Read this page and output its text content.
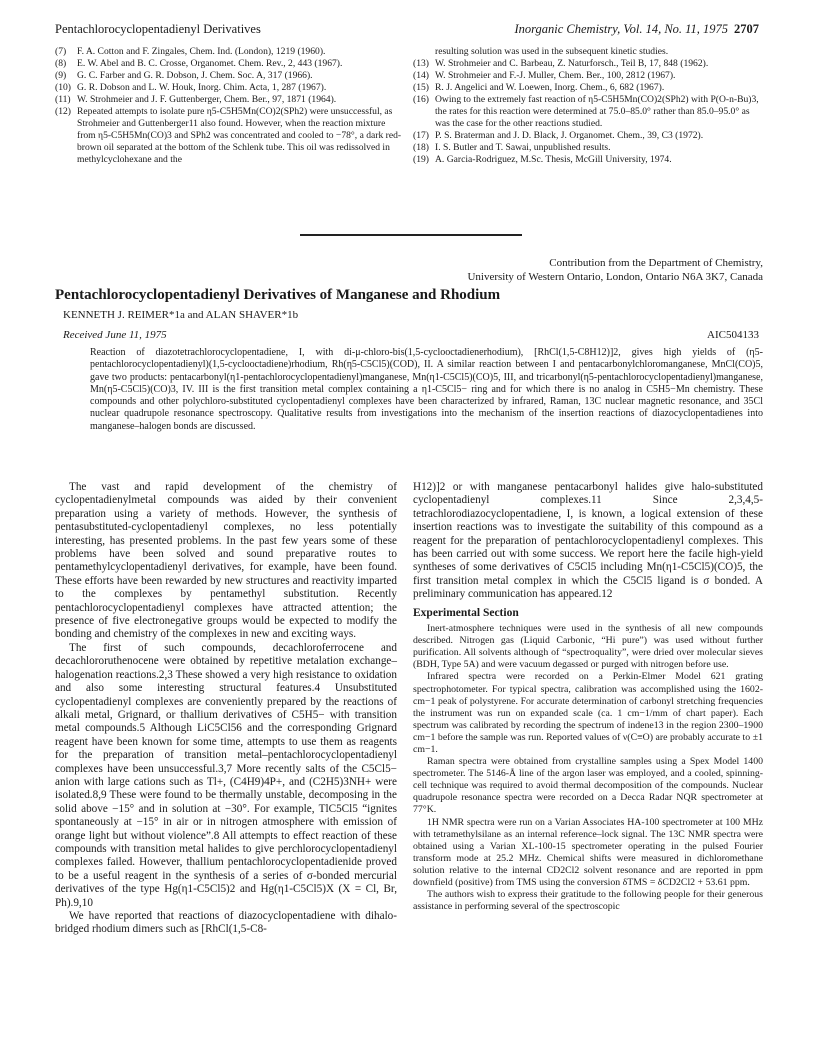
Pentachlorocyclopentadienyl Derivatives	Inorganic Chemistry, Vol. 14, No. 11, 1975 2707
(7)	F. A. Cotton and F. Zingales, Chem. Ind. (London), 1219 (1960).
(8)	E. W. Abel and B. C. Crosse, Organomet. Chem. Rev., 2, 443 (1967).
(9)	G. C. Farber and G. R. Dobson, J. Chem. Soc. A, 317 (1966).
(10) G. R. Dobson and L. W. Houk, Inorg. Chim. Acta, 1, 287 (1967).
(11) W. Strohmeier and J. F. Guttenberger, Chem. Ber., 97, 1871 (1964).
(12) Repeated attempts to isolate pure η5-C5H5Mn(CO)2(SPh2) were unsuccessful, as Strohmeier and Guttenberger11 also found. However, when the reaction mixture from η5-C5H5Mn(CO)3 and SPh2 was concentrated and cooled to −78°, a dark red-brown oil separated at the bottom of the Schlenk tube. This oil was redissolved in methylcyclohexane and the
resulting solution was used in the subsequent kinetic studies.
(13) W. Strohmeier and C. Barbeau, Z. Naturforsch., Teil B, 17, 848 (1962).
(14) W. Strohmeier and F.-J. Muller, Chem. Ber., 100, 2812 (1967).
(15) R. J. Angelici and W. Loewen, Inorg. Chem., 6, 682 (1967).
(16) Owing to the extremely fast reaction of η5-C5H5Mn(CO)2(SPh2) with P(O-n-Bu)3, the rates for this reaction were determined at 75.0–85.0° rather than 85.0–95.0° as was the case for the other reactions studied.
(17) P. S. Braterman and J. D. Black, J. Organomet. Chem., 39, C3 (1972).
(18) I. S. Butler and T. Sawai, unpublished results.
(19) A. Garcia-Rodriguez, M.Sc. Thesis, McGill University, 1974.
Contribution from the Department of Chemistry,
University of Western Ontario, London, Ontario N6A 3K7, Canada
Pentachlorocyclopentadienyl Derivatives of Manganese and Rhodium
KENNETH J. REIMER*1a and ALAN SHAVER*1b
Received June 11, 1975	AIC504133
Reaction of diazotetrachlorocyclopentadiene, I, with di-μ-chloro-bis(1,5-cyclooctadienerhodium), [RhCl(1,5-C8H12)]2, gives high yields of (η5-pentachlorocyclopentadienyl)(1,5-cyclooctadiene)rhodium, Rh(η5-C5Cl5)(COD), II. A similar reaction between I and pentacarbonylchloromanganese, MnCl(CO)5, gave two products: pentacarbonyl(η1-pentachlorocyclopentadienyl)manganese, Mn(η1-C5Cl5)(CO)5, III, and tricarbonyl(η5-pentachlorocyclopentadienyl)manganese, Mn(η5-C5Cl5)(CO)3, IV. III is the first transition metal complex containing a η1-C5Cl5− ring and for which there is no analog in C5H5−Mn chemistry. These compounds and other polychloro-substituted cyclopentadienyl complexes have been characterized by infrared, Raman, 13C nuclear magnetic resonance, and 35Cl nuclear quadrupole resonance spectroscopy. Qualitative results from investigations into the mechanism of the insertion reactions of diazocyclopentadienes into manganese–halogen bonds are discussed.

The vast and rapid development of the chemistry of cyclopentadienylmetal compounds was aided by their convenient preparation using a variety of methods. However, the synthesis of pentasubstituted-cyclopentadienyl complexes, no less potentially interesting, has presented problems. In the past few years some of these problems have been solved and sound preparative routes to pentamethylcyclopentadienyl derivatives, for example, have been found. These efforts have been rewarded by new structures and reactivity imparted to the complexes by pentamethyl substitution. Recently pentachlorocyclopentadienyl complexes have attracted attention; the presence of five electronegative groups would be expected to modify the bonding and chemistry of the complexes in new and exciting ways.

The first of such compounds, decachloroferrocene and decachlororuthenocene were obtained by repetitive metalation exchange–halogenation reactions.2,3 These showed a very high resistance to oxidation and also some interesting structural features.4 Unsubstituted cyclopentadienyl complexes are conveniently prepared by the reactions of alkali metal, Grignard, or thallium derivatives of C5H5− with transition metal compounds.5 Although LiC5Cl56 and the corresponding Grignard reagent have been known for some time, attempts to use them as reagents for the preparation of transition metal–pentachlorocyclopentadienyl complexes have been unsuccessful.3,7 More recently salts of the C5Cl5− anion with large cations such as Tl+, (C4H9)4P+, and (C2H5)3NH+ were isolated.8,9 These were found to be thermally unstable, decomposing in the solid above −15° and in solution at −30°. For example, TlC5Cl5 “ignites spontaneously at −15° in air or in nitrogen atmosphere with emission of orange light but without violence”.8 All attempts to effect reaction of these compounds with transition metal halides to give perchlorocyclopentadienyl complexes failed. However, thallium pentachlorocyclopentadienide proved to be a useful reagent in the synthesis of a series of σ-bonded mercurial derivatives of the type Hg(η1-C5Cl5)2 and Hg(η1-C5Cl5)X (X = Cl, Br, Ph).9,10

We have reported that reactions of diazocyclopentadiene with dihalo-bridged rhodium dimers such as [RhCl(1,5-C8-

H12)]2 or with manganese pentacarbonyl halides give halo-substituted cyclopentadienyl complexes.11 Since 2,3,4,5-tetrachlorodiazocyclopentadiene, I, is known, a logical extension of these insertion reactions was to investigate the suitability of this compound as a reagent for the preparation of pentachlorocyclopentadienyl complexes. This has been carried out with some success. We report here the facile high-yield syntheses of some derivatives of C5Cl5 including Mn(η1-C5Cl5)(CO)5, the first transition metal complex in which the C5Cl5 ligand is σ bonded. A preliminary communication has appeared.12

Experimental Section

Inert-atmosphere techniques were used in the synthesis of all new compounds described. Nitrogen gas (Liquid Carbonic, “Hi pure”) was used without further purification. All solvents although of “spectroquality”, were dried over molecular sieves (BDH, Type 5A) and were vacuum degassed or purged with nitrogen before use.

Infrared spectra were recorded on a Perkin-Elmer Model 621 grating spectrophotometer. For typical spectra, calibration was accomplished using the 1602-cm−1 peak of polystyrene. For accurate determination of carbonyl stretching frequencies the instrument was run on expanded scale (ca. 1 cm−1/mm of chart paper). Each spectrum was calibrated by recording the spectrum of indene13 in the region 2300–1900 cm−1 before the sample was run. Reported values of ν(C≡O) are probably accurate to ±1 cm−1.

Raman spectra were obtained from crystalline samples using a Spex Model 1400 spectrometer. The 5146-Å line of the argon laser was employed, and a cooled, spinning-cell technique was required to avoid thermal decomposition of the compounds. Nuclear quadrupole resonance spectra were recorded on a Decca Radar NQR spectrometer at 77°K.

1H NMR spectra were run on a Varian Associates HA-100 spectrometer at 100 MHz with tetramethylsilane as an internal reference–lock signal. The 13C NMR spectra were obtained using a Varian XL-100-15 spectrometer operating in the pulsed Fourier transform mode at 25.2 MHz. Chemical shifts were measured in dichloromethane solution relative to the internal CD2Cl2 solvent resonance and are reported in ppm downfield (positive) from TMS using the conversion δTMS = δCD2Cl2 + 53.61 ppm.

The authors wish to express their gratitude to the following people for their generous assistance in performing several of the spectroscopic
